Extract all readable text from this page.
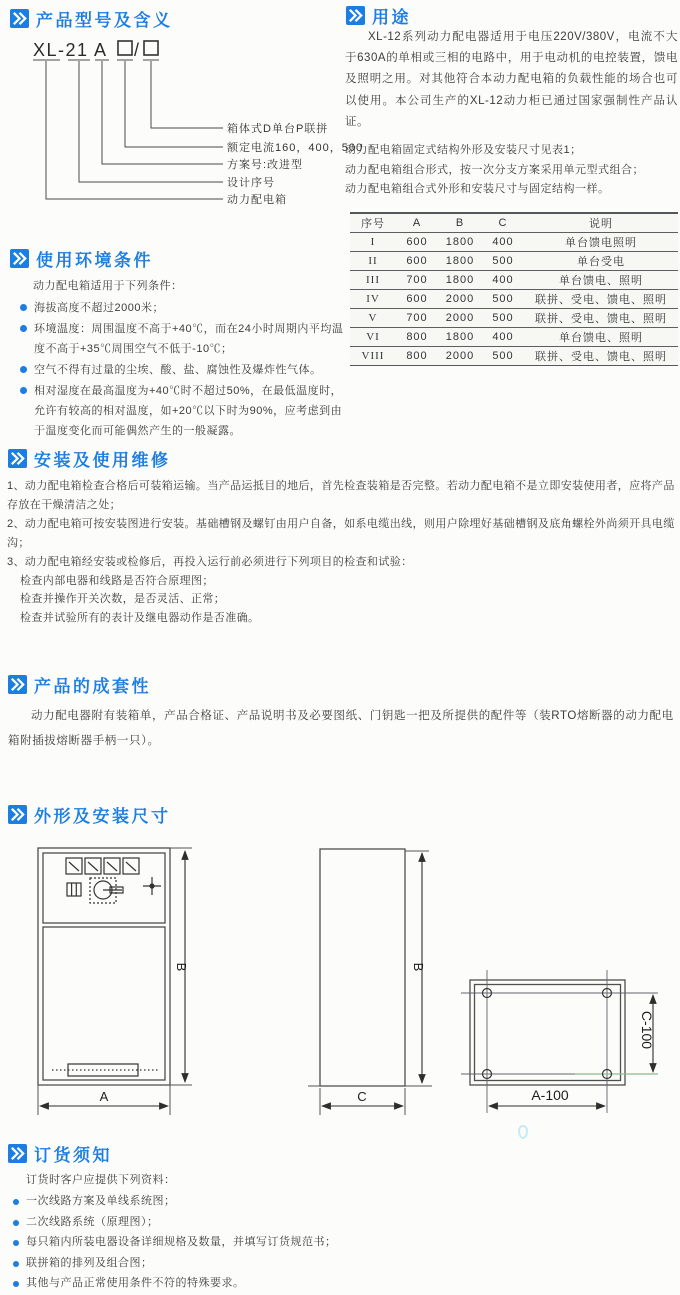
产品型号及含义
XL-21 A /
箱体式D单台P联拼
额定电流160，400，500
方案号:改进型
设计序号
动力配电箱
用途
XL-12系列动力配电器适用于电压220V/380V，电流不大于630A的单相或三相的电路中，用于电动机的电控装置，馈电及照明之用。对其他符合本动力配电箱的负载性能的场合也可以使用。本公司生产的XL-12动力柜已通过国家强制性产品认证。

动力配电箱固定式结构外形及安装尺寸见表1；

动力配电箱组合形式，按一次分支方案采用单元型式组合；

动力配电箱组合式外形和安装尺寸与固定结构一样。

序号	A	B	C	说明
I	600	1800	400	单台馈电照明
II	600	1800	500	单台受电
III	700	1800	400	单台馈电、照明
IV	600	2000	500	联拼、受电、馈电、照明
V	700	2000	500	联拼、受电、馈电、照明
VI	800	1800	400	单台馈电、照明
VIII	800	2000	500	联拼、受电、馈电、照明
使用环境条件

动力配电箱适用于下列条件：

海拔高度不超过2000米；
环境温度：周围温度不高于+40℃，而在24小时周期内平均温度不高于+35℃周围空气不低于-10℃；
空气不得有过量的尘埃、酸、盐、腐蚀性及爆炸性气体。
相对湿度在最高温度为+40℃时不超过50%，在最低温度时，允许有较高的相对温度，如+20℃以下时为90%，应考虑到由于温度变化而可能偶然产生的一般凝露。
安装及使用维修

1、动力配电箱检查合格后可装箱运输。当产品运抵目的地后，首先检查装箱是否完整。若动力配电箱不是立即安装使用者，应将产品存放在干燥清洁之处；

2、动力配电箱可按安装图进行安装。基础槽钢及螺钉由用户自备，如系电缆出线，则用户除埋好基础槽钢及底角螺栓外尚须开具电缆沟；

3、动力配电箱经安装或检修后，再投入运行前必须进行下列项目的检查和试验：

检查内部电器和线路是否符合原理图；

检查并操作开关次数，是否灵活、正常；

检查并试验所有的表计及继电器动作是否准确。

产品的成套性
动力配电器附有装箱单，产品合格证、产品说明书及必要图纸、门钥匙一把及所提供的配件等（装RTO熔断器的动力配电箱附插拔熔断器手柄一只）。
外形及安装尺寸
B
A
B
C	A-100
C-100
订货须知

订货时客户应提供下列资料：

一次线路方案及单线系统图；
二次线路系统（原理图）；
每只箱内所装电器设备详细规格及数量，并填写订货规范书；
联拼箱的排列及组合图；
其他与产品正常使用条件不符的特殊要求。
